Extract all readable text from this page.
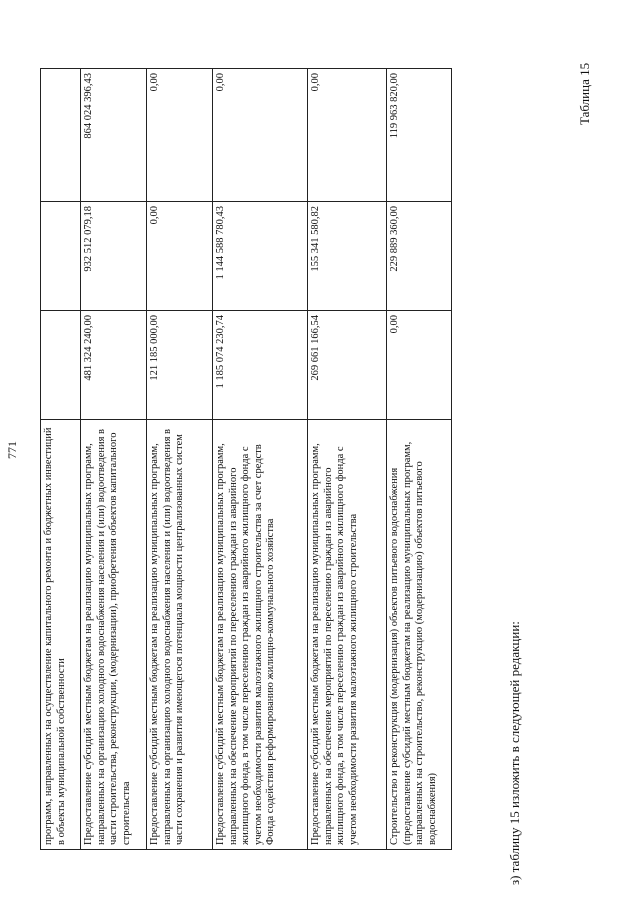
771 программ, направленных на осуществление капитального ремонта и бюджетных инвестиций в объекты муниципальной собственности			
Предоставление субсидий местным бюджетам на реализацию муниципальных программ, направленных на организацию холодного водоснабжения населения и (или) водоотведения в части строительства, реконструкции, (модернизации), приобретения объектов капитального строительства	481 324 240,00	932 512 079,18	864 024 396,43
Предоставление субсидий местным бюджетам на реализацию муниципальных программ, направленных на организацию холодного водоснабжения населения и (или) водоотведения в части сохранения и развития имеющегося потенциала мощности централизованных систем	121 185 000,00	0,00	0,00
Предоставление субсидий местным бюджетам на реализацию муниципальных программ, направленных на обеспечение мероприятий по переселению граждан из аварийного жилищного фонда, в том числе переселению граждан из аварийного жилищного фонда с учетом необходимости развития малоэтажного жилищного строительства за счет средств Фонда содействия реформированию жилищно-коммунального хозяйства	1 185 074 230,74	1 144 588 780,43	0,00
Предоставление субсидий местным бюджетам на реализацию муниципальных программ, направленных на обеспечение мероприятий по переселению граждан из аварийного жилищного фонда, в том числе переселению граждан из аварийного жилищного фонда с учетом необходимости развития малоэтажного жилищного строительства	269 661 166,54	155 341 580,82	0,00
Строительство и реконструкция (модернизация) объектов питьевого водоснабжения (предоставление субсидий местным бюджетам на реализацию муниципальных программ, направленных на строительство, реконструкцию (модернизацию) объектов питьевого водоснабжения)	0,00	229 889 360,00	119 963 820,00
з) таблицу 15 изложить в следующей редакции:
Таблица 15
